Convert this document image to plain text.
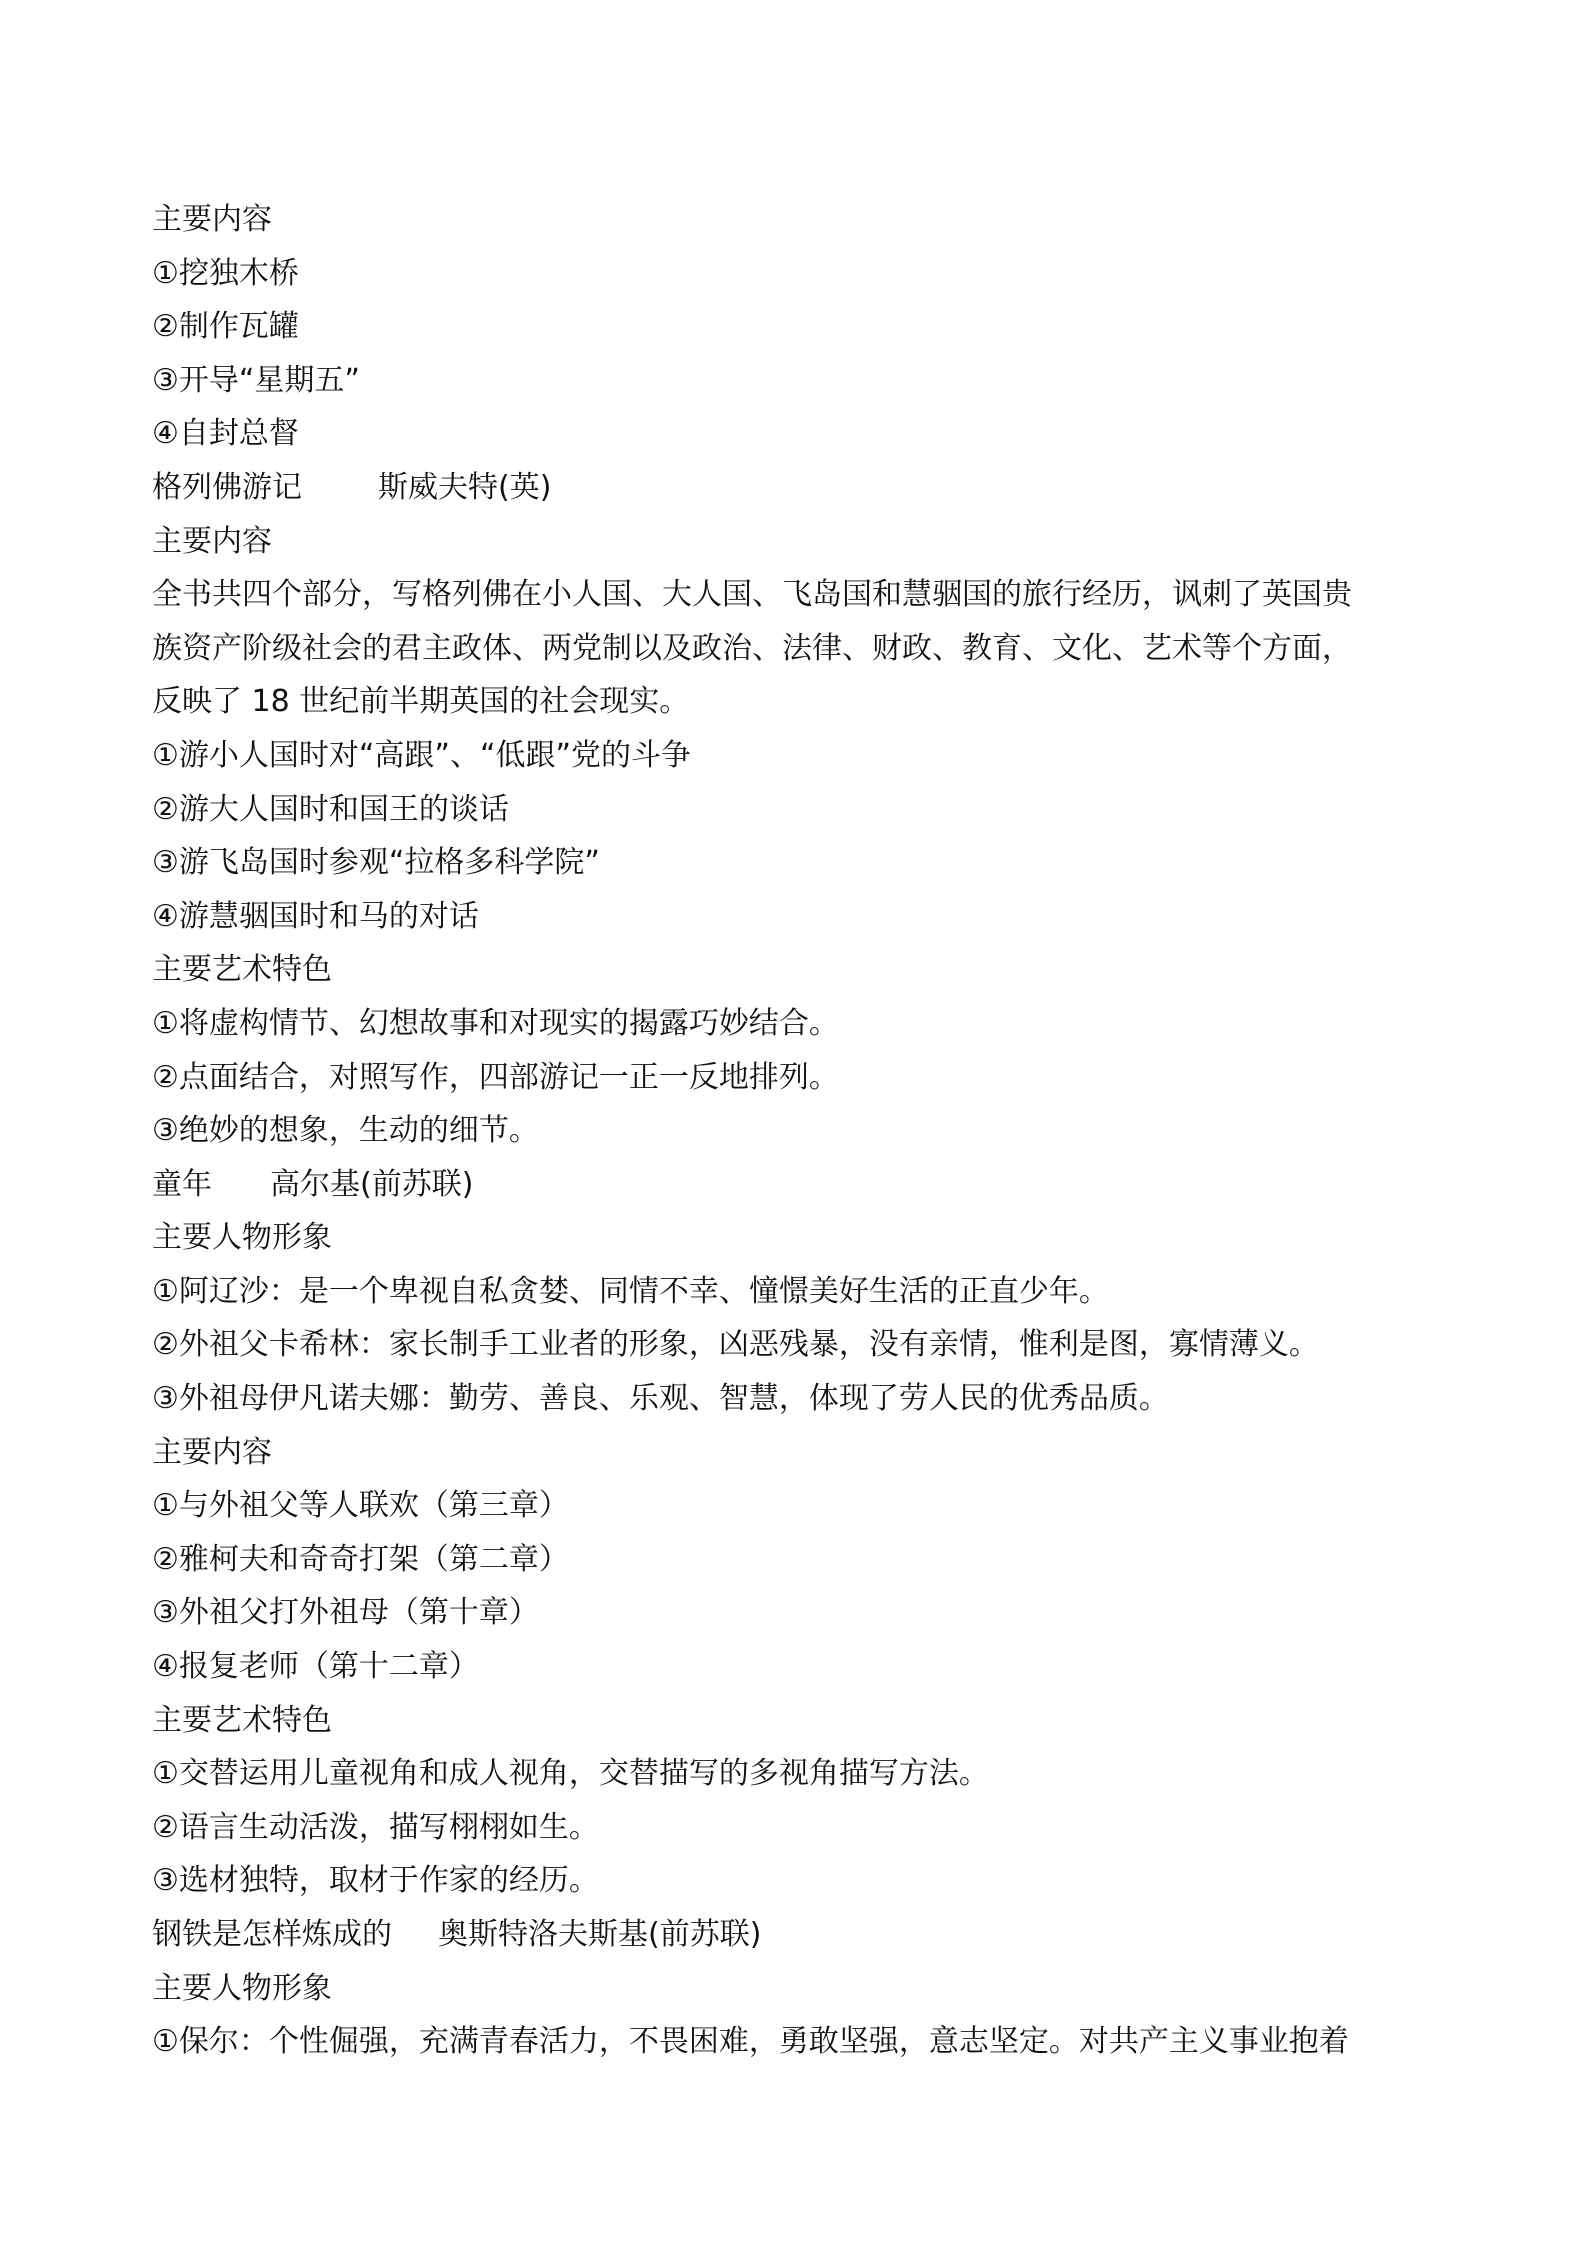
主要内容
①挖独木桥
②制作瓦罐
③开导“星期五”
④自封总督
格列佛游记	斯威夫特(英)
主要内容
全书共四个部分，写格列佛在小人国、大人国、飞岛国和慧骃国的旅行经历，讽刺了英国贵
族资产阶级社会的君主政体、两党制以及政治、法律、财政、教育、文化、艺术等个方面，
反映了 18 世纪前半期英国的社会现实。
①游小人国时对“高跟”、“低跟”党的斗争
②游大人国时和国王的谈话
③游飞岛国时参观“拉格多科学院”
④游慧骃国时和马的对话
主要艺术特色
①将虚构情节、幻想故事和对现实的揭露巧妙结合。
②点面结合，对照写作，四部游记一正一反地排列。
③绝妙的想象，生动的细节。
童年 高尔基(前苏联)
主要人物形象
①阿辽沙：是一个卑视自私贪婪、同情不幸、憧憬美好生活的正直少年。
②外祖父卡希林：家长制手工业者的形象，凶恶残暴，没有亲情，惟利是图，寡情薄义。
③外祖母伊凡诺夫娜：勤劳、善良、乐观、智慧，体现了劳人民的优秀品质。
主要内容
①与外祖父等人联欢（第三章）
②雅柯夫和奇奇打架（第二章）
③外祖父打外祖母（第十章）
④报复老师（第十二章）
主要艺术特色
①交替运用儿童视角和成人视角，交替描写的多视角描写方法。
②语言生动活泼，描写栩栩如生。
③选材独特，取材于作家的经历。
钢铁是怎样炼成的 奥斯特洛夫斯基(前苏联)
主要人物形象
①保尔：个性倔强，充满青春活力，不畏困难，勇敢坚强，意志坚定。对共产主义事业抱着
